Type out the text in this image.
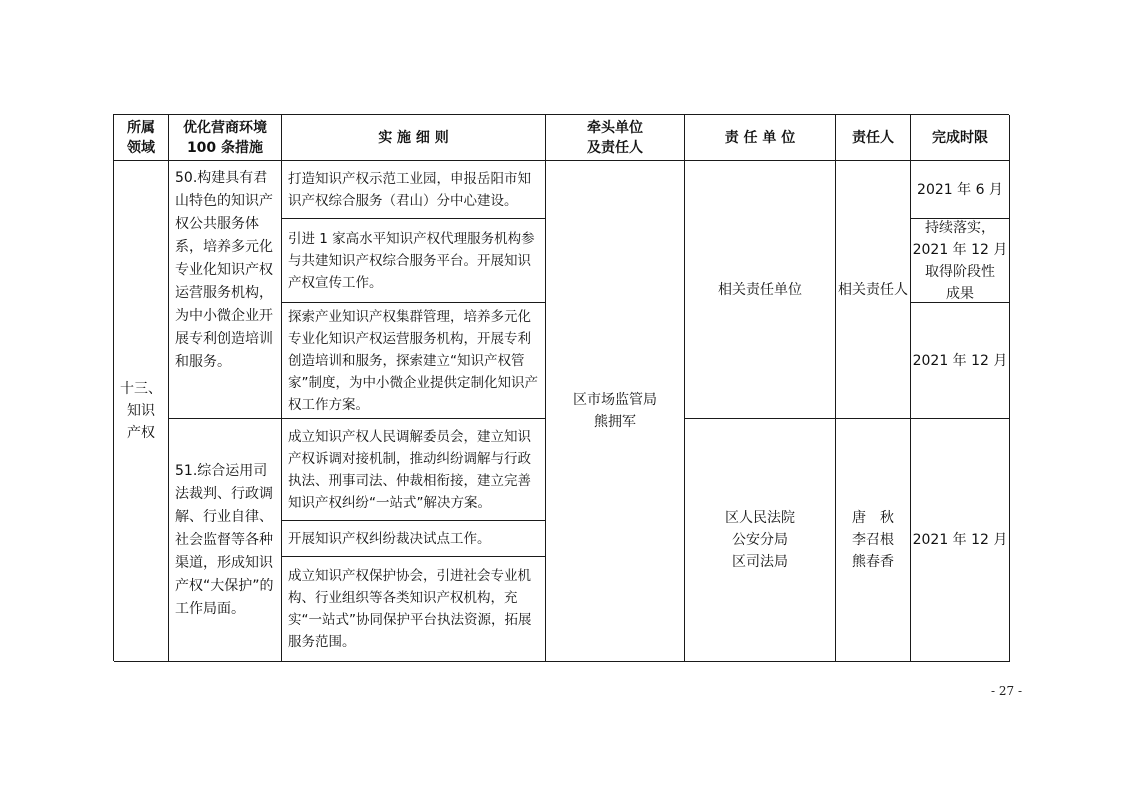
所属
领域
优化营商环境
100 条措施
实 施 细 则
牵头单位
及责任人
责 任 单 位	责任人	完成时限
十三、
知识
产权
50.构建具有君山特色的知识产权公共服务体系，培养多元化专业化知识产权运营服务机构，为中小微企业开展专利创造培训和服务。
51.综合运用司法裁判、行政调解、行业自律、社会监督等各种渠道，形成知识产权“大保护”的工作局面。
打造知识产权示范工业园，申报岳阳市知识产权综合服务（君山）分中心建设。
引进 1 家高水平知识产权代理服务机构参与共建知识产权综合服务平台。开展知识产权宣传工作。
探索产业知识产权集群管理，培养多元化专业化知识产权运营服务机构，开展专利创造培训和服务，探索建立“知识产权管家”制度，为中小微企业提供定制化知识产权工作方案。
成立知识产权人民调解委员会，建立知识产权诉调对接机制，推动纠纷调解与行政执法、刑事司法、仲裁相衔接，建立完善知识产权纠纷“一站式”解决方案。
开展知识产权纠纷裁决试点工作。
成立知识产权保护协会，引进社会专业机构、行业组织等各类知识产权机构，充实“一站式”协同保护平台执法资源，拓展服务范围。
区市场监管局
熊拥军
相关责任单位
区人民法院
公安分局
区司法局
相关责任人
唐　秋
李召根
熊春香
2021 年 6 月
持续落实，
2021 年 12 月
取得阶段性
成果
2021 年 12 月
2021 年 12 月
- 27 -
